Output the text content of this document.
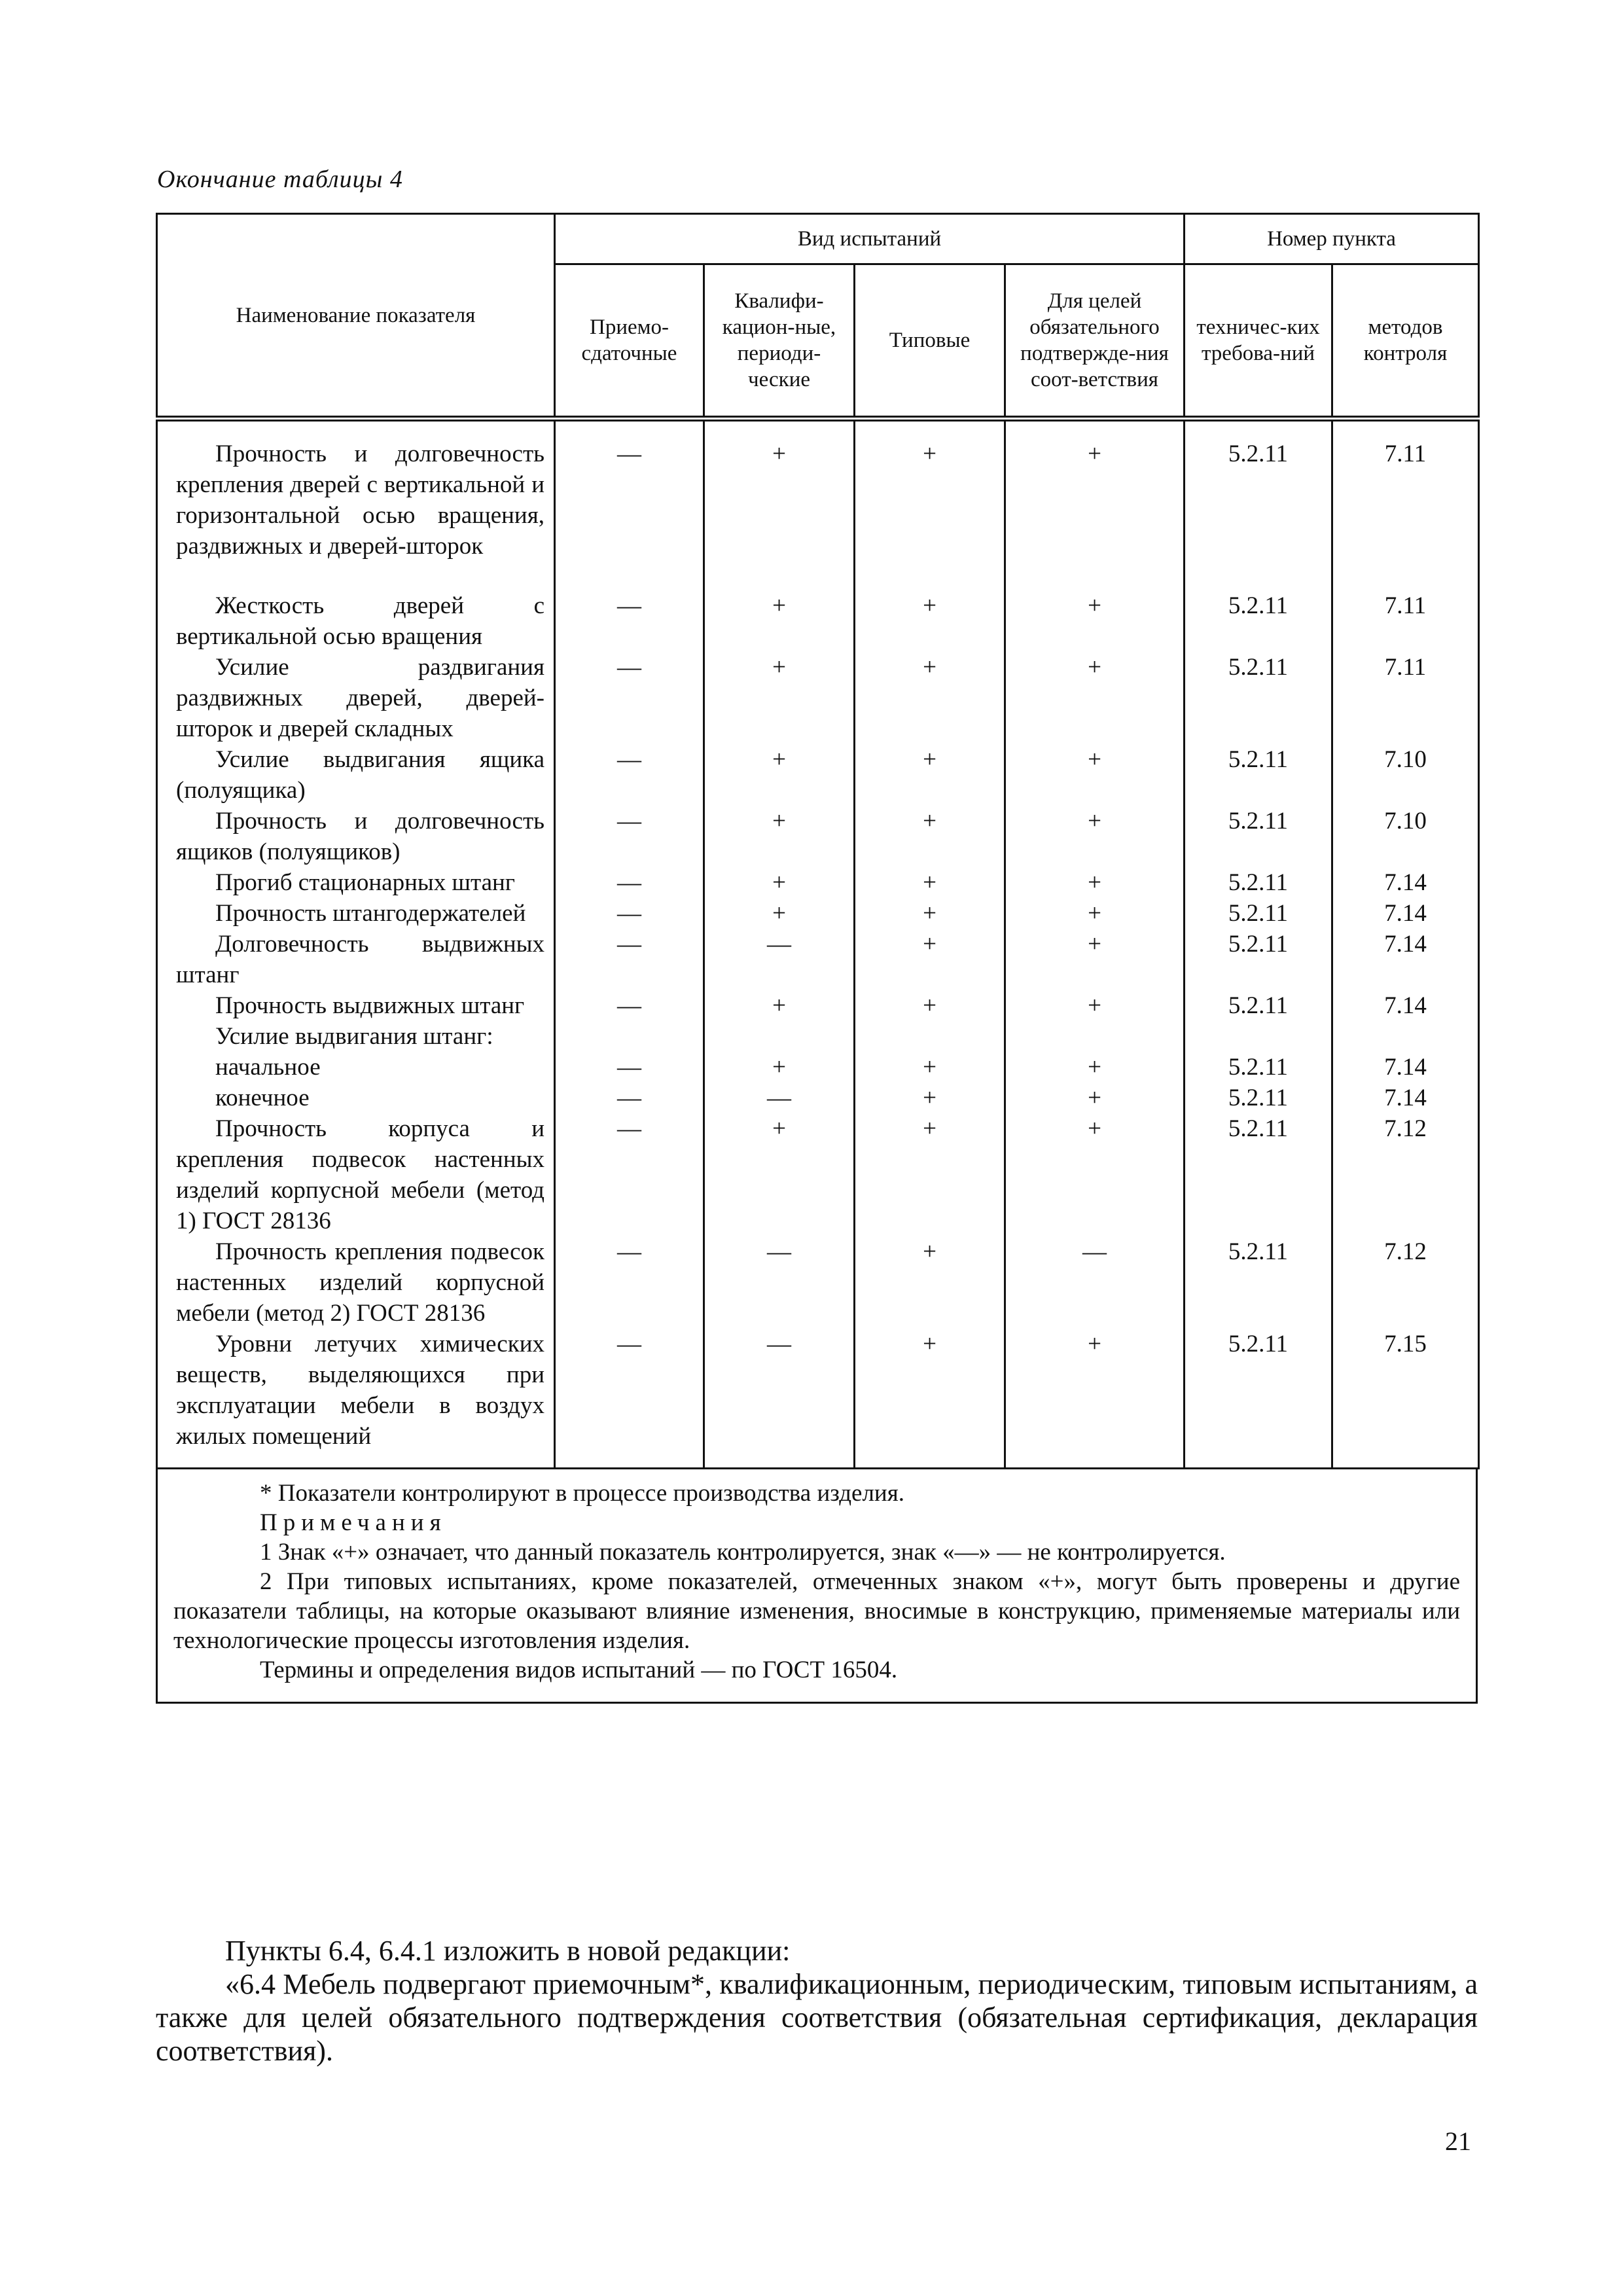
Окончание таблицы 4
Наименование показателя	Вид испытаний				Номер пункта	
	Приемо-сдаточные	Квалифи-кацион-ные, периоди-ческие	Типовые	Для целей обязательного подтвержде-ния соот-ветствия	техничес-ких требова-ний	методов контроля

Прочность и долговечность крепления дверей с вертикальной и горизонтальной осью вращения, раздвижных и дверей-шторок	—	+	+	+	5.2.11	7.11

Жесткость дверей с вертикальной осью вращения	—	+	+	+	5.2.11	7.11

Усилие раздвигания раздвижных дверей, дверей-шторок и дверей складных	—	+	+	+	5.2.11	7.11

Усилие выдвигания ящика (полуящика)	—	+	+	+	5.2.11	7.10

Прочность и долговечность ящиков (полуящиков)	—	+	+	+	5.2.11	7.10

Прогиб стационарных штанг	—	+	+	+	5.2.11	7.14

Прочность штангодержателей	—	+	+	+	5.2.11	7.14

Долговечность выдвижных штанг	—	—	+	+	5.2.11	7.14

Прочность выдвижных штанг	—	+	+	+	5.2.11	7.14

Усилие выдвигания штанг:						

начальное	—	+	+	+	5.2.11	7.14

конечное	—	—	+	+	5.2.11	7.14

Прочность корпуса и крепления подвесок настенных изделий корпусной мебели (метод 1) ГОСТ 28136	—	+	+	+	5.2.11	7.12

Прочность крепления подвесок настенных изделий корпусной мебели (метод 2) ГОСТ 28136	—	—	+	—	5.2.11	7.12

Уровни летучих химических веществ, выделяющихся при эксплуатации мебели в воздух жилых помещений	—	—	+	+	5.2.11	7.15
* Показатели контролируют в процессе производства изделия.
Примечания
1 Знак «+» означает, что данный показатель контролируется, знак «—» — не контролируется.
2 При типовых испытаниях, кроме показателей, отмеченных знаком «+», могут быть проверены и другие показатели таблицы, на которые оказывают влияние изменения, вносимые в конструкцию, применяемые материалы или технологические процессы изготовления изделия.
Термины и определения видов испытаний — по ГОСТ 16504.
Пункты 6.4, 6.4.1 изложить в новой редакции:
«6.4 Мебель подвергают приемочным*, квалификационным, периодическим, типовым испытаниям, а также для целей обязательного подтверждения соответствия (обязательная сертификация, декларация соответствия).
21
